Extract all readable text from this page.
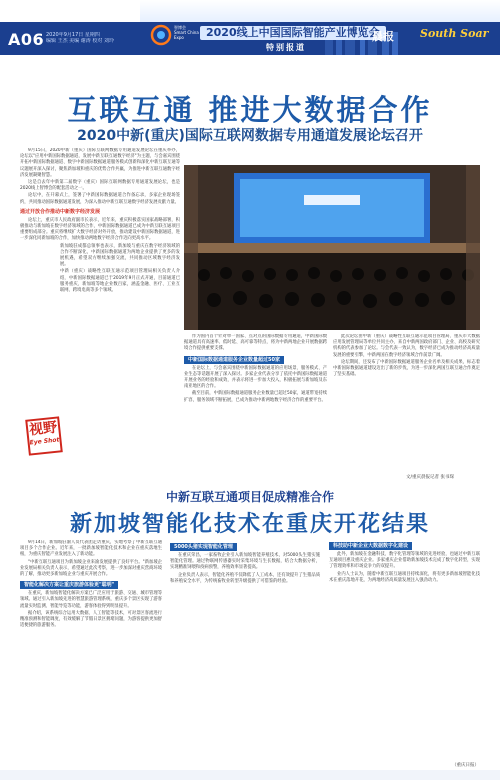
A06 2020年9月17日 星期四
编辑 王杰 美编 谢涛 校对 刘玲
智博会
Smart China Expo	2020线上中国国际智能产业博览会
特别报道
晨报 South Soar
互联互通 推进大数据合作
2020中新(重庆)国际互联网数据专用通道发展论坛召开

9月15日，2020中新（重庆）国际互联网数据专用通道发展论坛在重庆举办，论坛以"应用中新国际数据通道，发展中新互联互通数字经济"为主题，与会嘉宾围绕开拓中新国际数据通道、数字中新国际数据通道服务模式创新和深化中新互联互通等议题展开深入探讨，聚焦新加坡和重庆的优势合作共赢，为推进中新互联互通数字经济发展凝聚智慧。

这是自去年中新第二届数字（重庆）国际互联网数据专用通道发展论坛，也是2020线上智博会的配套活动之一。

论坛中，在开幕式上，签署了中新国际数据通道合作备忘录，多家企业现场签约，共同推动国际数据通道发展，为深入推动中新互联互通数字经济发展贡献力量。

通过开放合作推动中新数字经济发展

论坛上，重庆市人民政府副市长表示，近年来，重庆积极落实国家战略部署，积极推动与新加坡在数字经济领域的合作，中新国际数据通道已成为中新互联互通项目重要组成部分。重庆将继续扩大数字经济对外开放，推动建设中新国际数据通道，进一步深化同新加坡的合作，加快推动两地数字经济合作迈向更高水平。

新加坡驻成都总领事也表示，新加坡与重庆在数字经济领域的合作不断深化，中新国际数据通道为两地企业提供了更多的发展机遇，希望双方继续加强交流，共同推动区域数字经济发展。

中新（重庆）战略性互联互通示范项目管理局相关负责人介绍，中新国际数据通道已于2019年9月正式开通，目前通道已服务重庆、新加坡等地企业数百家，涵盖金融、医疗、工业互联网、跨境电商等多个领域。

作为国内首个针对单一国家、点对点的国际数据专用通道，中新国际数据通道具有高速率、低时延、高可靠等特点，将为中新两地企业开展数据跨境合作提供重要支撑。

中新国际数据通道服务企业数量超过50家

在论坛上，与会嘉宾围绕中新国际数据通道的应用场景、服务模式、产业生态等话题开展了深入探讨。多家企业代表分享了依托中新国际数据通道开展业务的经验和成效，并表示将进一步加大投入，积极拓展与新加坡及东南亚地区的合作。

截至目前，中新国际数据通道服务企业数量已超过50家，通道带宽持续扩容，服务领域不断拓展，已成为推动中新两地数字经济合作的重要平台。

此次论坛由中新（重庆）战略性互联互通示范项目管理局、重庆市大数据应用发展管理局等单位共同主办，来自中新两国政府部门、企业、高校及研究机构的代表参加了论坛。与会代表一致认为，数字经济已成为推动经济高质量发展的重要引擎，中新两国在数字经济领域合作前景广阔。

论坛期间，还发布了中新国际数据通道服务企业名单及相关成果，标志着中新国际数据通道建设迈出了新的步伐，为进一步深化两国互联互通合作奠定了坚实基础。

文/重庆晨报记者 张书琛
视野
Eye Shot
中新互联互通项目促成精准合作
新加坡智能化技术在重庆开花结果

9月14日，新加坡驻渝人员代表团走访重庆，实地考察了中新互联互通项目多个合作企业。近年来，一批新加坡智能化技术和企业在重庆落地生根，为重庆智能产业发展注入了新动能。

"中新互联互通项目为新加坡企业来渝发展提供了良好平台。"新加坡企业发展局相关负责人表示，希望通过此次考察，进一步加深对重庆营商环境的了解，推动更多新加坡企业与重庆开展合作。

智能化解决方案让重庆旅游体验更"聪明"

在重庆，新加坡智能化解决方案已广泛应用于旅游、交通、城市管理等领域。通过引入新加坡先进的智慧旅游管理系统，重庆多个景区实现了游客流量实时监测、智能导览等功能，游客体验得到明显提升。

据介绍，该系统综合运用大数据、人工智能等技术，可对景区客流进行精准预测和智能调度，有效缓解了节假日景区拥堵问题，为游客提供更加舒适便捷的旅游服务。

5000头猪实现智能化管理

在重庆荣昌，一家畜牧企业引入新加坡智能养殖技术，对5000头生猪实施智能化管理。通过物联网传感器实时采集环境与生长数据，结合大数据分析，实现精准饲喂和疫病预警，养殖效率显著提高。

企业负责人表示，智能化养殖不仅降低了人工成本，还有效提升了生猪品质和养殖安全水平，为传统畜牧业转型升级提供了可借鉴的经验。

科技助中新企业大数据数字化建设

此外，新加坡在金融科技、数字化管理等领域的先进经验，也通过中新互联互通项目惠及重庆企业。多家重庆企业借助新加坡技术完成了数字化转型，实现了管理效率和市场竞争力的双提升。

业内人士认为，随着中新互联互通项目持续深化，将有更多新加坡智能化技术在重庆落地开花，为两地经济高质量发展注入强劲动力。

（重庆日报）
